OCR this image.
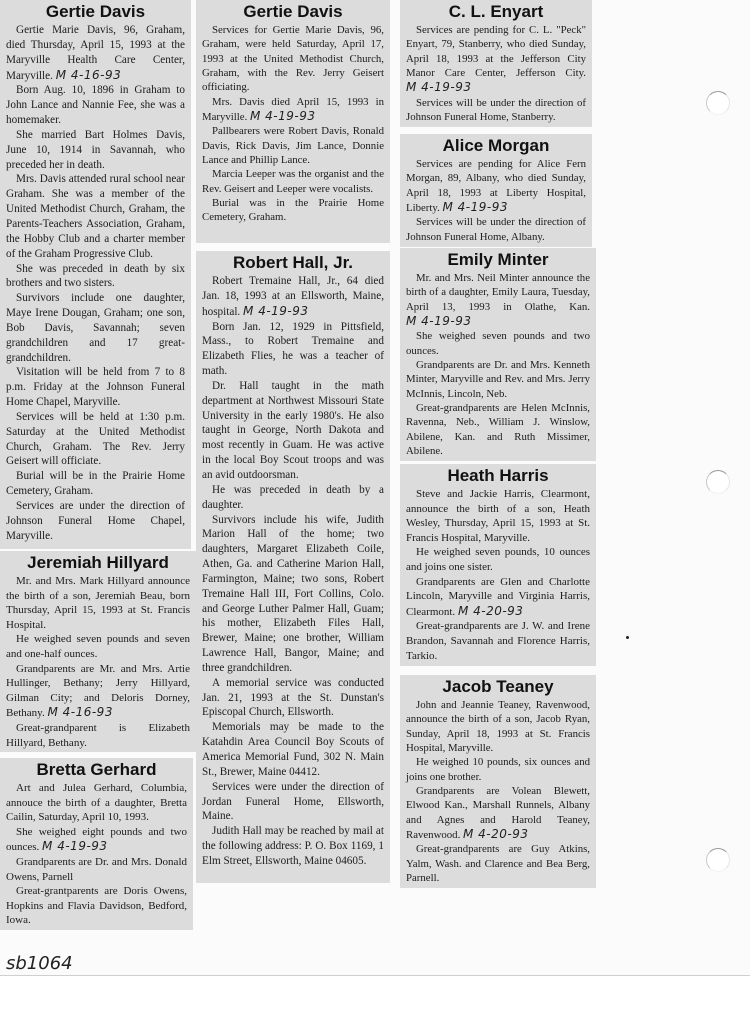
Gertie Davis

Gertie Marie Davis, 96, Graham, died Thursday, April 15, 1993 at the Maryville Health Care Center, Maryville. M 4-16-93

Born Aug. 10, 1896 in Graham to John Lance and Nannie Fee, she was a homemaker.

She married Bart Holmes Davis, June 10, 1914 in Savannah, who preceded her in death.

Mrs. Davis attended rural school near Graham. She was a member of the United Methodist Church, Graham, the Parents-Teachers Association, Graham, the Hobby Club and a charter member of the Graham Progressive Club.

She was preceded in death by six brothers and two sisters.

Survivors include one daughter, Maye Irene Dougan, Graham; one son, Bob Davis, Savannah; seven grandchildren and 17 great-grandchildren.

Visitation will be held from 7 to 8 p.m. Friday at the Johnson Funeral Home Chapel, Maryville.

Services will be held at 1:30 p.m. Saturday at the United Methodist Church, Graham. The Rev. Jerry Geisert will officiate.

Burial will be in the Prairie Home Cemetery, Graham.

Services are under the direction of Johnson Funeral Home Chapel, Maryville.

Jeremiah Hillyard

Mr. and Mrs. Mark Hillyard announce the birth of a son, Jeremiah Beau, born Thursday, April 15, 1993 at St. Francis Hospital.

He weighed seven pounds and seven and one-half ounces.

Grandparents are Mr. and Mrs. Artie Hullinger, Bethany; Jerry Hillyard, Gilman City; and Deloris Dorney, Bethany. M 4-16-93

Great-grandparent is Elizabeth Hillyard, Bethany.

Bretta Gerhard

Art and Julea Gerhard, Columbia, annouce the birth of a daughter, Bretta Cailin, Saturday, April 10, 1993.

She weighed eight pounds and two ounces. M 4-19-93

Grandparents are Dr. and Mrs. Donald Owens, Parnell

Great-grantparents are Doris Owens, Hopkins and Flavia Davidson, Bedford, Iowa.

Gertie Davis

Services for Gertie Marie Davis, 96, Graham, were held Saturday, April 17, 1993 at the United Methodist Church, Graham, with the Rev. Jerry Geisert officiating.

Mrs. Davis died April 15, 1993 in Maryville. M 4-19-93

Pallbearers were Robert Davis, Ronald Davis, Rick Davis, Jim Lance, Donnie Lance and Phillip Lance.

Marcia Leeper was the organist and the Rev. Geisert and Leeper were vocalists.

Burial was in the Prairie Home Cemetery, Graham.

Robert Hall, Jr.

Robert Tremaine Hall, Jr., 64 died Jan. 18, 1993 at an Ellsworth, Maine, hospital. M 4-19-93

Born Jan. 12, 1929 in Pittsfield, Mass., to Robert Tremaine and Elizabeth Flies, he was a teacher of math.

Dr. Hall taught in the math department at Northwest Missouri State University in the early 1980's. He also taught in George, North Dakota and most recently in Guam. He was active in the local Boy Scout troops and was an avid outdoorsman.

He was preceded in death by a daughter.

Survivors include his wife, Judith Marion Hall of the home; two daughters, Margaret Elizabeth Coile, Athen, Ga. and Catherine Marion Hall, Farmington, Maine; two sons, Robert Tremaine Hall III, Fort Collins, Colo. and George Luther Palmer Hall, Guam; his mother, Elizabeth Files Hall, Brewer, Maine; one brother, William Lawrence Hall, Bangor, Maine; and three grandchildren.

A memorial service was conducted Jan. 21, 1993 at the St. Dunstan's Episcopal Church, Ellsworth.

Memorials may be made to the Katahdin Area Council Boy Scouts of America Memorial Fund, 302 N. Main St., Brewer, Maine 04412.

Services were under the direction of Jordan Funeral Home, Ellsworth, Maine.

Judith Hall may be reached by mail at the following address: P. O. Box 1169, 1 Elm Street, Ellsworth, Maine 04605.

C. L. Enyart

Services are pending for C. L. "Peck" Enyart, 79, Stanberry, who died Sunday, April 18, 1993 at the Jefferson City Manor Care Center, Jefferson City. M 4-19-93

Services will be under the direction of Johnson Funeral Home, Stanberry.

Alice Morgan

Services are pending for Alice Fern Morgan, 89, Albany, who died Sunday, April 18, 1993 at Liberty Hospital, Liberty. M 4-19-93

Services will be under the direction of Johnson Funeral Home, Albany.

Emily Minter

Mr. and Mrs. Neil Minter announce the birth of a daughter, Emily Laura, Tuesday, April 13, 1993 in Olathe, Kan. M 4-19-93

She weighed seven pounds and two ounces.

Grandparents are Dr. and Mrs. Kenneth Minter, Maryville and Rev. and Mrs. Jerry McInnis, Lincoln, Neb.

Great-grandparents are Helen McInnis, Ravenna, Neb., William J. Winslow, Abilene, Kan. and Ruth Missimer, Abilene.

Heath Harris

Steve and Jackie Harris, Clearmont, announce the birth of a son, Heath Wesley, Thursday, April 15, 1993 at St. Francis Hospital, Maryville.

He weighed seven pounds, 10 ounces and joins one sister.

Grandparents are Glen and Charlotte Lincoln, Maryville and Virginia Harris, Clearmont. M 4-20-93

Great-grandparents are J. W. and Irene Brandon, Savannah and Florence Harris, Tarkio.

Jacob Teaney

John and Jeannie Teaney, Ravenwood, announce the birth of a son, Jacob Ryan, Sunday, April 18, 1993 at St. Francis Hospital, Maryville.

He weighed 10 pounds, six ounces and joins one brother.

Grandparents are Volean Blewett, Elwood Kan., Marshall Runnels, Albany and Agnes and Harold Teaney, Ravenwood. M 4-20-93

Great-grandparents are Guy Atkins, Yalm, Wash. and Clarence and Bea Berg, Parnell.

sb1064
